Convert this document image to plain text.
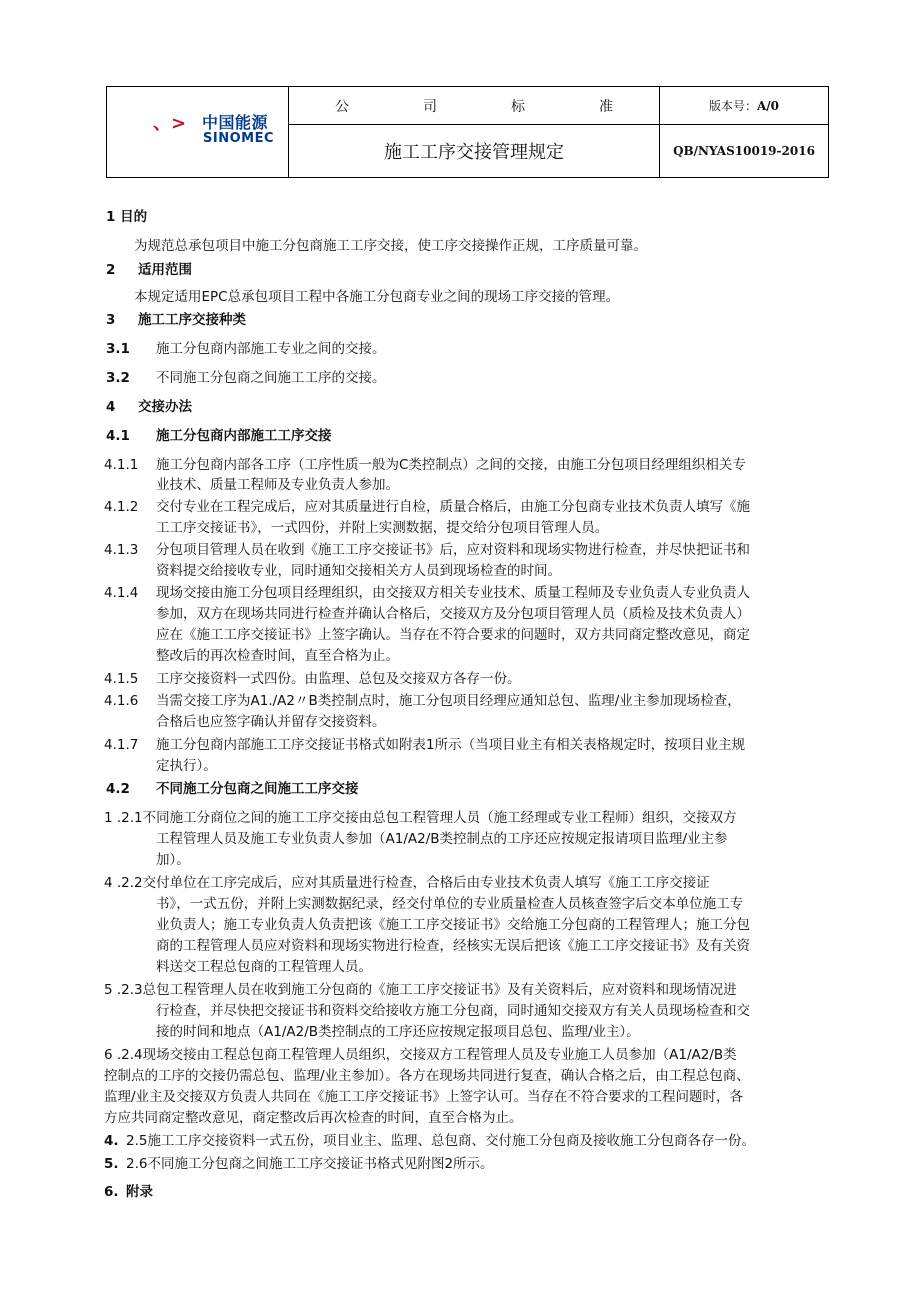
、> 中国能源
SINOMEC	公司标准	版本号：A/0
	施工工序交接管理规定	QB/NYAS10019-2016
1 目的
为规范总承包项目中施工分包商施工工序交接，使工序交接操作正规，工序质量可靠。
2 适用范围
本规定适用EPC总承包项目工程中各施工分包商专业之间的现场工序交接的管理。
3 施工工序交接种类
3.1 施工分包商内部施工专业之间的交接。
3.2 不同施工分包商之间施工工序的交接。
4 交接办法
4.1 施工分包商内部施工工序交接
4.1.1 施工分包商内部各工序（工序性质一般为C类控制点）之间的交接，由施工分包项目经理组织相关专
业技术、质量工程师及专业负责人参加。
4.1.2 交付专业在工程完成后，应对其质量进行自检，质量合格后，由施工分包商专业技术负责人填写《施
工工序交接证书》，一式四份，并附上实测数据，提交给分包项目管理人员。
4.1.3 分包项目管理人员在收到《施工工序交接证书》后，应对资料和现场实物进行检查，并尽快把证书和
资料提交给接收专业，同时通知交接相关方人员到现场检查的时间。
4.1.4 现场交接由施工分包项目经理组织，由交接双方相关专业技术、质量工程师及专业负责人专业负责人
参加，双方在现场共同进行检查并确认合格后，交接双方及分包项目管理人员（质检及技术负责人）
应在《施工工序交接证书》上签字确认。当存在不符合要求的问题时，双方共同商定整改意见，商定
整改后的再次检查时间，直至合格为止。
4.1.5 工序交接资料一式四份。由监理、总包及交接双方各存一份。
4.1.6 当需交接工序为A1./A2〃B类控制点时，施工分包项目经理应通知总包、监理/业主参加现场检查，
合格后也应签字确认并留存交接资料。
4.1.7 施工分包商内部施工工序交接证书格式如附表1所示（当项目业主有相关表格规定时，按项目业主规
定执行）。
4.2 不同施工分包商之间施工工序交接
1 .2.1不同施工分商位之间的施工工序交接由总包工程管理人员（施工经理或专业工程师）组织，交接双方
工程管理人员及施工专业负责人参加（A1/A2/B类控制点的工序还应按规定报请项目监理/业主参
加）。
4 .2.2交付单位在工序完成后，应对其质量进行检查，合格后由专业技术负责人填写《施工工序交接证
书》，一式五份，并附上实测数据纪录，经交付单位的专业质量检查人员核查签字后交本单位施工专
业负责人；施工专业负责人负责把该《施工工序交接证书》交给施工分包商的工程管理人；施工分包
商的工程管理人员应对资料和现场实物进行检查，经核实无误后把该《施工工序交接证书》及有关资
料送交工程总包商的工程管理人员。
5 .2.3总包工程管理人员在收到施工分包商的《施工工序交接证书》及有关资料后，应对资料和现场情况进
行检查，并尽快把交接证书和资料交给接收方施工分包商，同时通知交接双方有关人员现场检查和交
接的时间和地点（A1/A2/B类控制点的工序还应按规定报项目总包、监理/业主）。
6 .2.4现场交接由工程总包商工程管理人员组织，交接双方工程管理人员及专业施工人员参加（A1/A2/B类
控制点的工序的交接仍需总包、监理/业主参加）。各方在现场共同进行复查，确认合格之后，由工程总包商、
监理/业主及交接双方负责人共同在《施工工序交接证书》上签字认可。当存在不符合要求的工程问题时，各
方应共同商定整改意见，商定整改后再次检查的时间，直至合格为止。
4. 2.5施工工序交接资料一式五份，项目业主、监理、总包商、交付施工分包商及接收施工分包商各存一份。
5. 2.6不同施工分包商之间施工工序交接证书格式见附图2所示。
6. 附录
